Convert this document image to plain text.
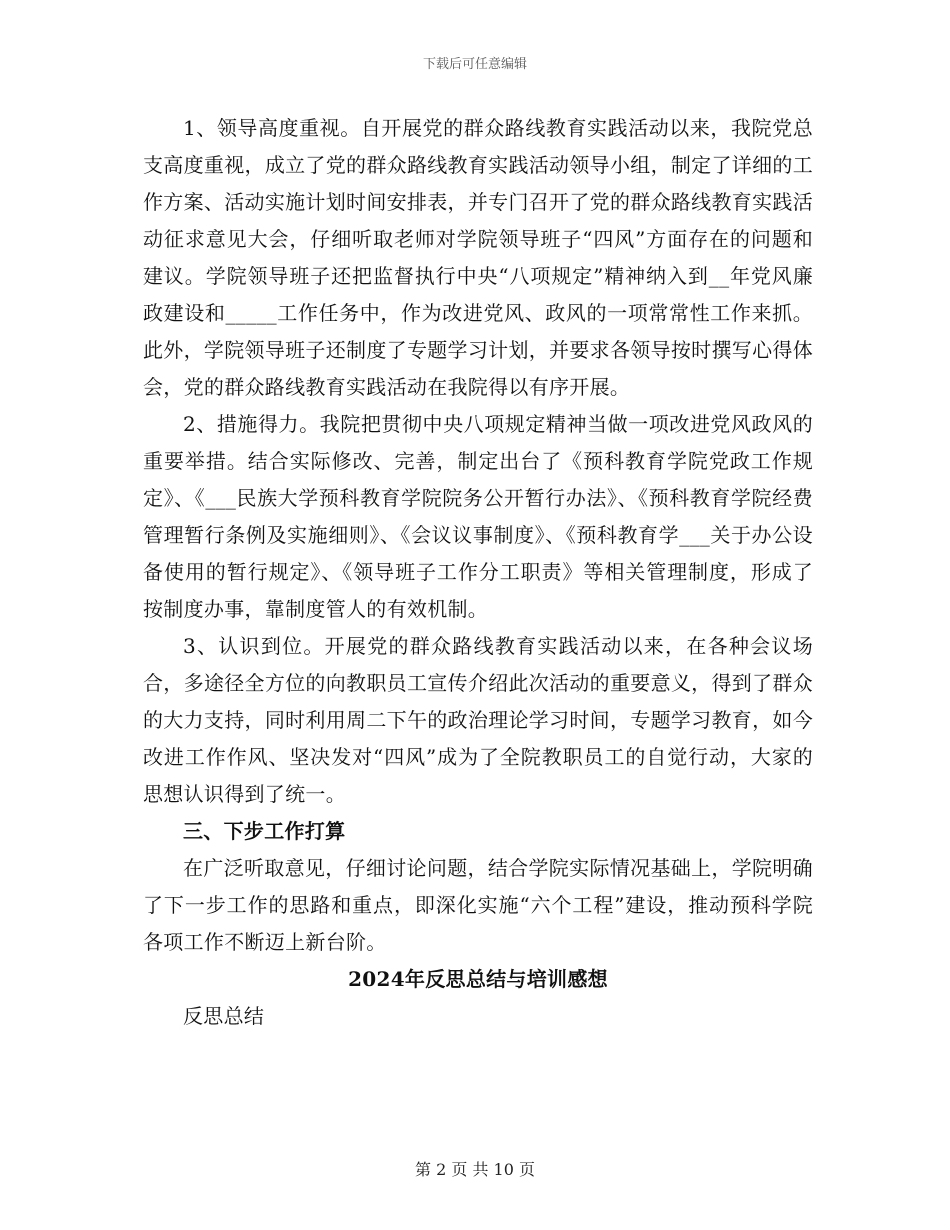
下载后可任意编辑

1、领导高度重视。自开展党的群众路线教育实践活动以来，我院党总支高度重视，成立了党的群众路线教育实践活动领导小组，制定了详细的工作方案、活动实施计划时间安排表，并专门召开了党的群众路线教育实践活动征求意见大会，仔细听取老师对学院领导班子“四风”方面存在的问题和建议。学院领导班子还把监督执行中央“八项规定”精神纳入到__年党风廉政建设和_____工作任务中，作为改进党风、政风的一项常常性工作来抓。此外，学院领导班子还制度了专题学习计划，并要求各领导按时撰写心得体会，党的群众路线教育实践活动在我院得以有序开展。

2、措施得力。我院把贯彻中央八项规定精神当做一项改进党风政风的重要举措。结合实际修改、完善，制定出台了《预科教育学院党政工作规定》、《___民族大学预科教育学院院务公开暂行办法》、《预科教育学院经费管理暂行条例及实施细则》、《会议议事制度》、《预科教育学___关于办公设备使用的暂行规定》、《领导班子工作分工职责》等相关管理制度，形成了按制度办事，靠制度管人的有效机制。

3、认识到位。开展党的群众路线教育实践活动以来，在各种会议场合，多途径全方位的向教职员工宣传介绍此次活动的重要意义，得到了群众的大力支持，同时利用周二下午的政治理论学习时间，专题学习教育，如今改进工作作风、坚决发对“四风”成为了全院教职员工的自觉行动，大家的思想认识得到了统一。

三、下步工作打算

在广泛听取意见，仔细讨论问题，结合学院实际情况基础上，学院明确了下一步工作的思路和重点，即深化实施“六个工程”建设，推动预科学院各项工作不断迈上新台阶。

2024年反思总结与培训感想

反思总结

第 2 页 共 10 页
